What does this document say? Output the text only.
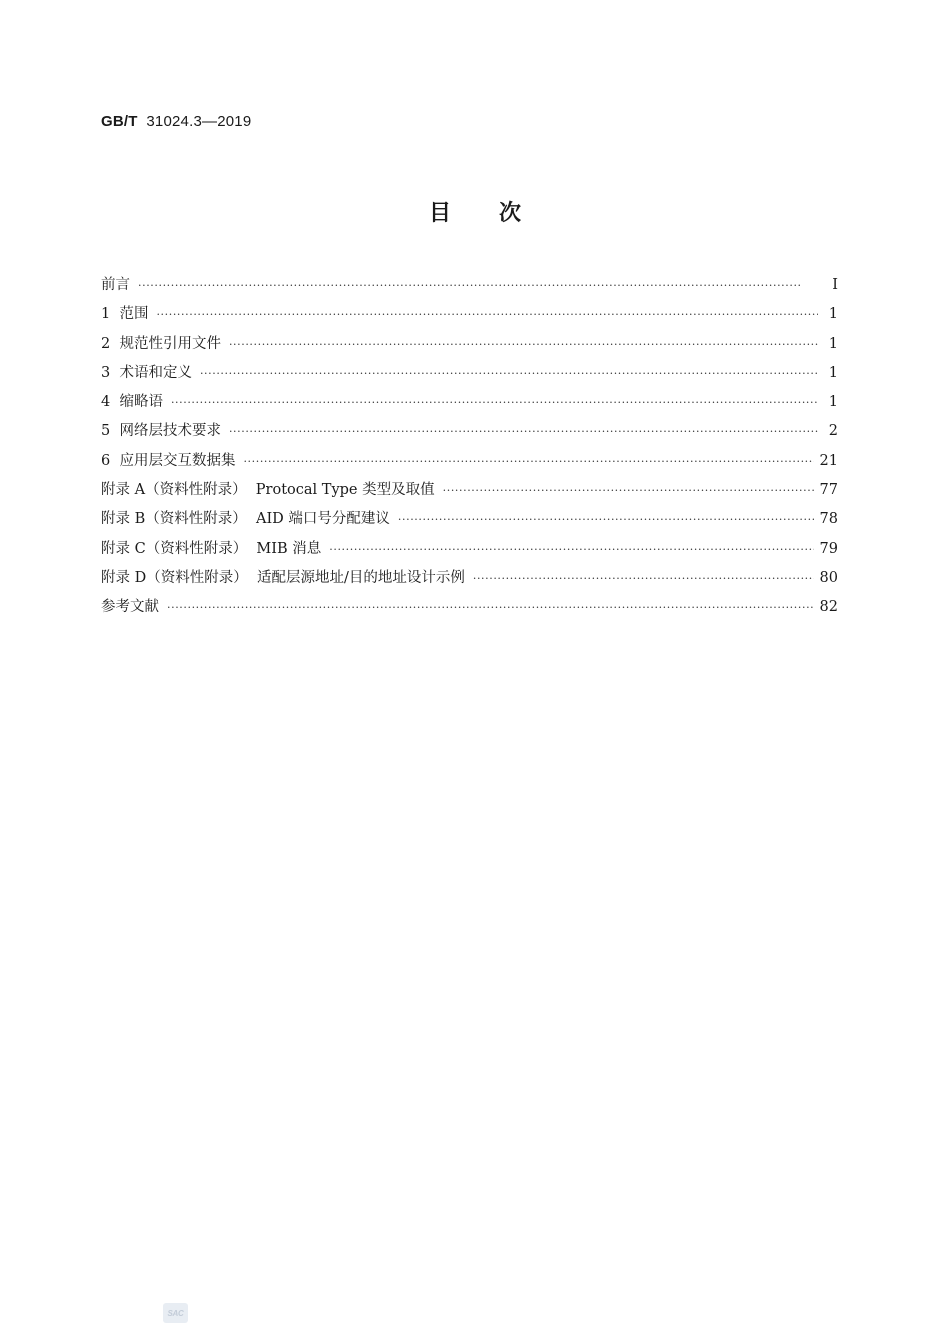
GB/T 31024.3—2019
目次
前言 ·····	Ⅰ
1  范围 ·····	1
2  规范性引用文件 ·····	1
3  术语和定义 ·····	1
4  缩略语 ·····	1
5  网络层技术要求 ·····	2
6  应用层交互数据集 ·····	21
附录 A（资料性附录）  Protocal Type 类型及取值 ·····	77
附录 B（资料性附录）  AID 端口号分配建议 ·····	78
附录 C（资料性附录）  MIB 消息 ·····	79
附录 D（资料性附录）  适配层源地址/目的地址设计示例 ·····	80
参考文献 ·····	82
SAC
